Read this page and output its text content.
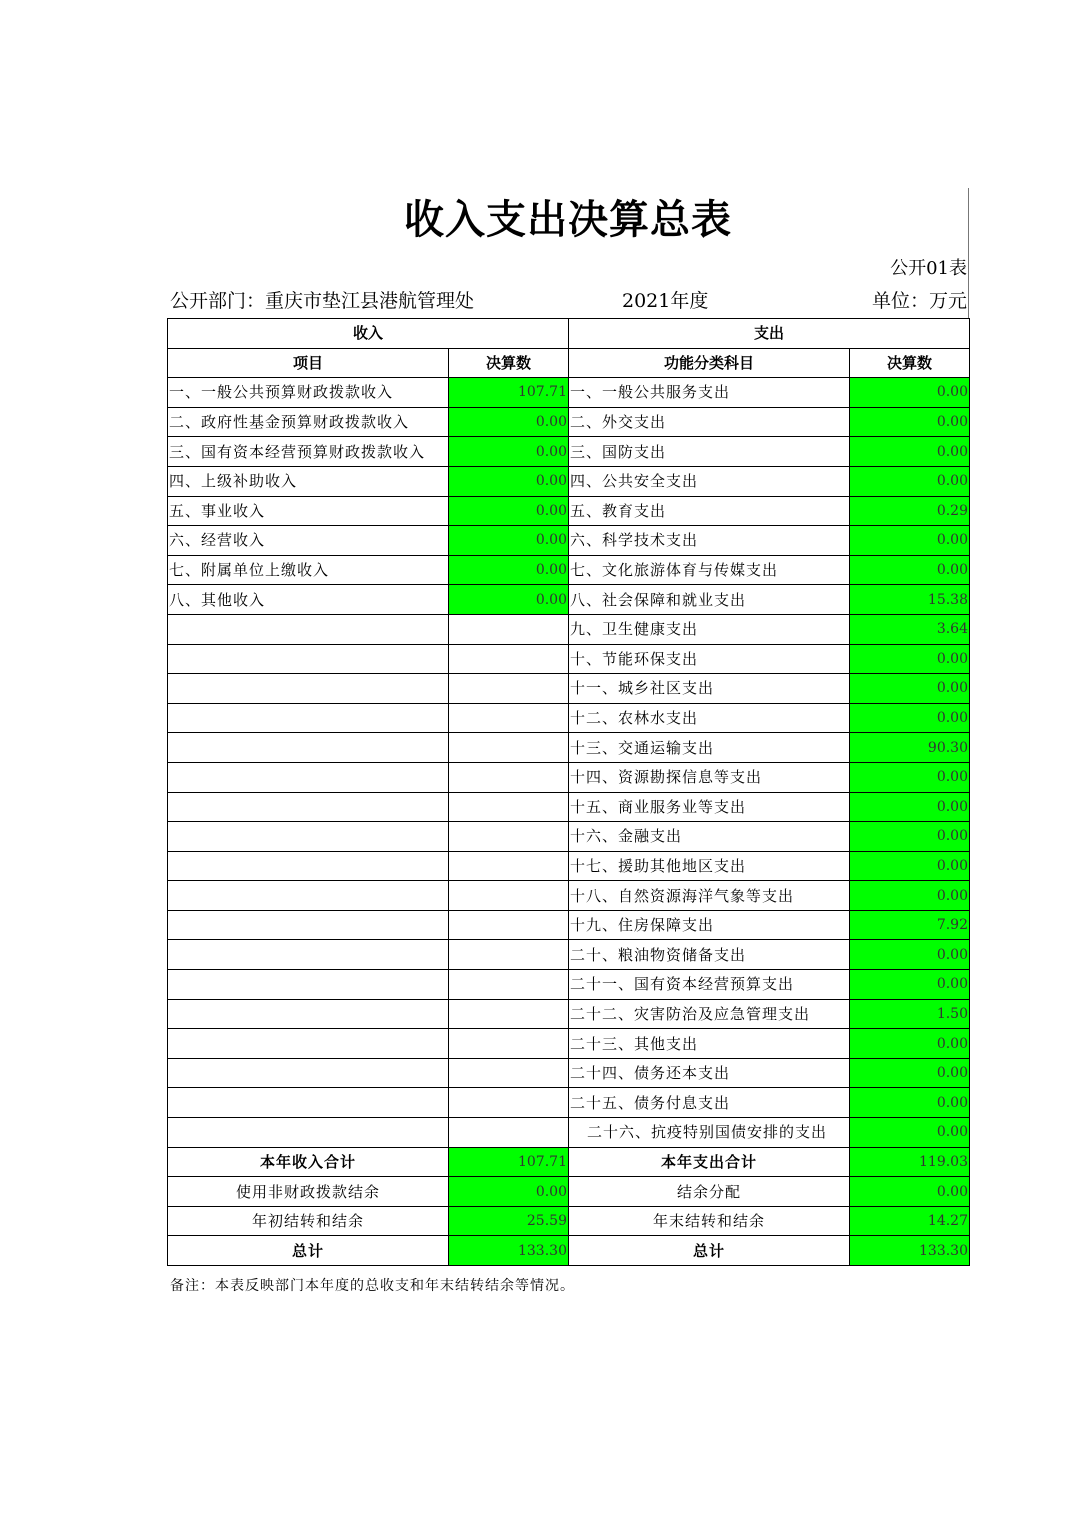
收入支出决算总表
公开01表
公开部门：重庆市垫江县港航管理处	2021年度	单位：万元
收入		支出	
项目	决算数	功能分类科目	决算数
一、一般公共预算财政拨款收入	107.71	一、一般公共服务支出	0.00
二、政府性基金预算财政拨款收入	0.00	二、外交支出	0.00
三、国有资本经营预算财政拨款收入	0.00	三、国防支出	0.00
四、上级补助收入	0.00	四、公共安全支出	0.00
五、事业收入	0.00	五、教育支出	0.29
六、经营收入	0.00	六、科学技术支出	0.00
七、附属单位上缴收入	0.00	七、文化旅游体育与传媒支出	0.00
八、其他收入	0.00	八、社会保障和就业支出	15.38
		九、卫生健康支出	3.64
		十、节能环保支出	0.00
		十一、城乡社区支出	0.00
		十二、农林水支出	0.00
		十三、交通运输支出	90.30
		十四、资源勘探信息等支出	0.00
		十五、商业服务业等支出	0.00
		十六、金融支出	0.00
		十七、援助其他地区支出	0.00
		十八、自然资源海洋气象等支出	0.00
		十九、住房保障支出	7.92
		二十、粮油物资储备支出	0.00
		二十一、国有资本经营预算支出	0.00
		二十二、灾害防治及应急管理支出	1.50
		二十三、其他支出	0.00
		二十四、债务还本支出	0.00
		二十五、债务付息支出	0.00
		二十六、抗疫特别国债安排的支出	0.00
本年收入合计	107.71	本年支出合计	119.03
使用非财政拨款结余	0.00	结余分配	0.00
年初结转和结余	25.59	年末结转和结余	14.27
总计	133.30	总计	133.30
备注：本表反映部门本年度的总收支和年末结转结余等情况。
